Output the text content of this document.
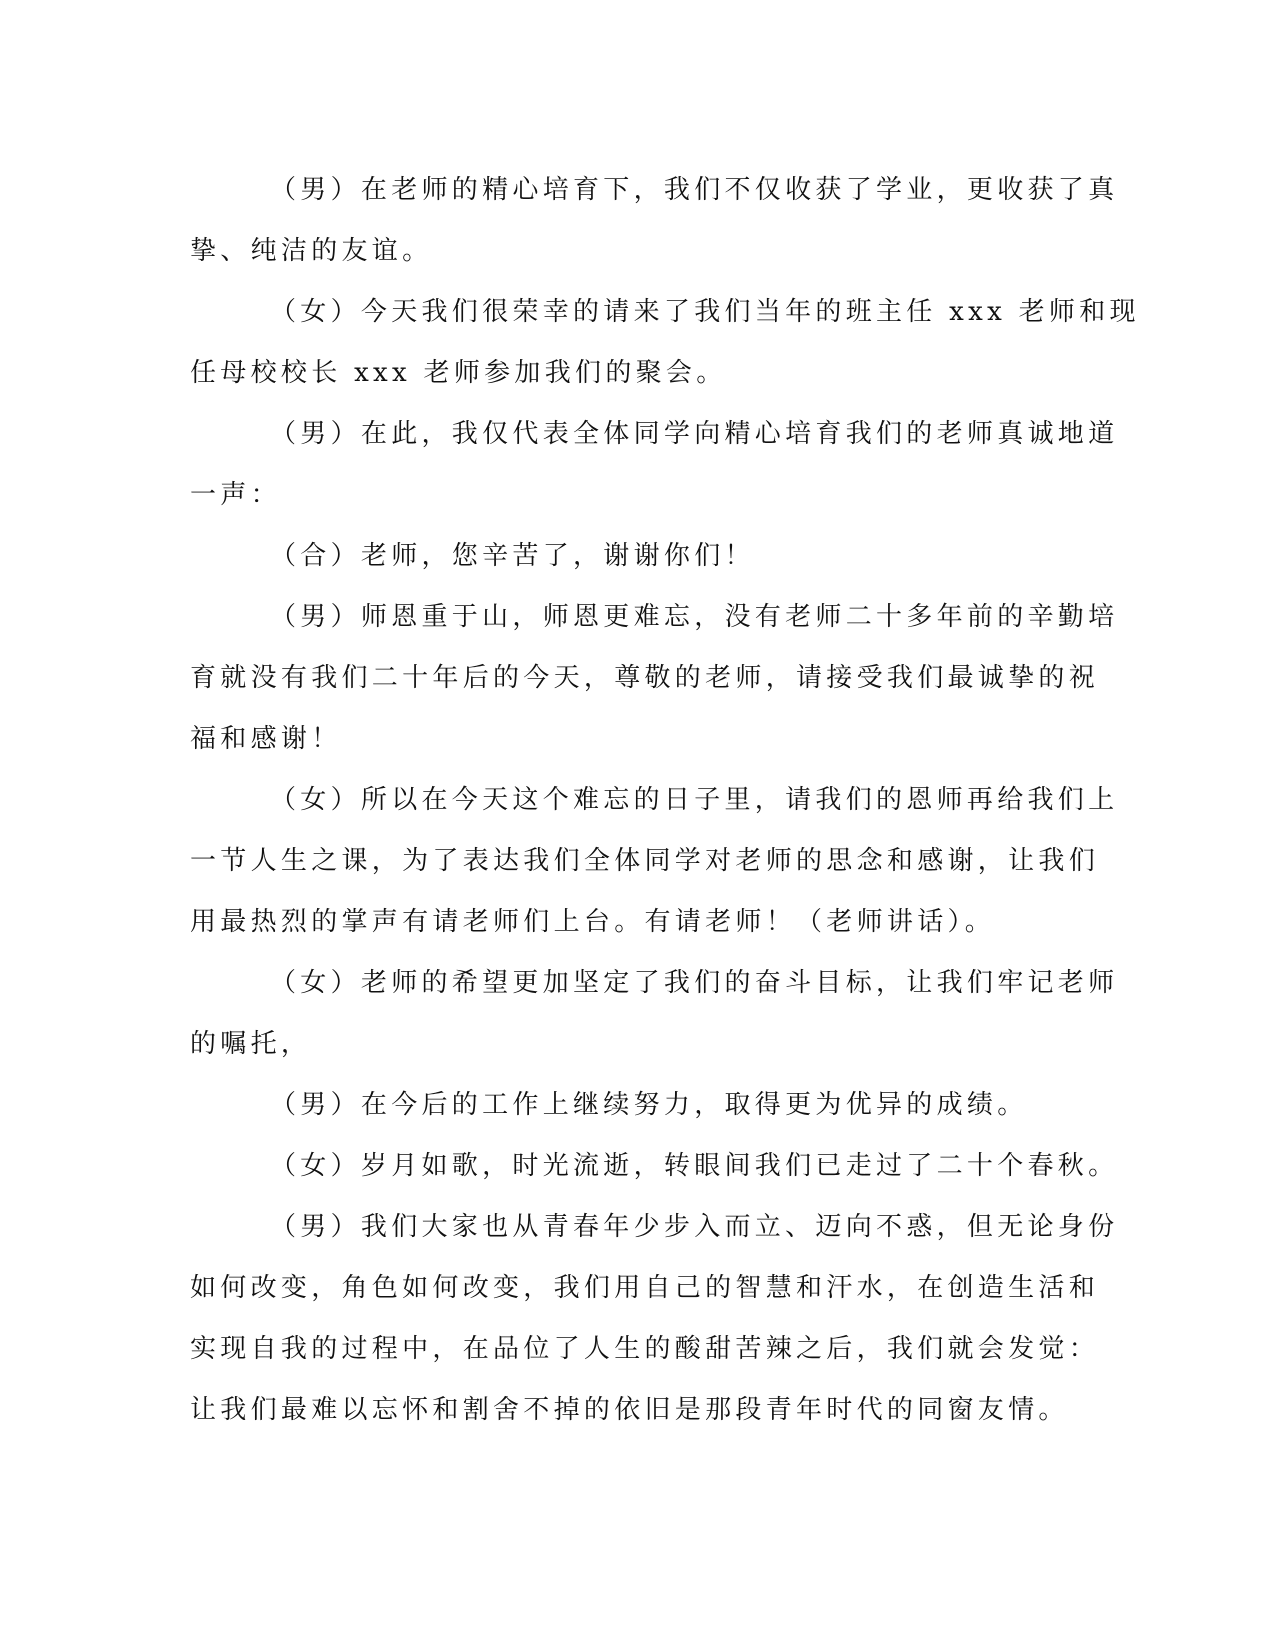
（男）在老师的精心培育下，我们不仅收获了学业，更收获了真
挚、纯洁的友谊。
（女）今天我们很荣幸的请来了我们当年的班主任 xxx 老师和现
任母校校长 xxx 老师参加我们的聚会。
（男）在此，我仅代表全体同学向精心培育我们的老师真诚地道
一声：
（合）老师，您辛苦了，谢谢你们！
（男）师恩重于山，师恩更难忘，没有老师二十多年前的辛勤培
育就没有我们二十年后的今天，尊敬的老师，请接受我们最诚挚的祝
福和感谢！
（女）所以在今天这个难忘的日子里，请我们的恩师再给我们上
一节人生之课，为了表达我们全体同学对老师的思念和感谢，让我们
用最热烈的掌声有请老师们上台。有请老师！（老师讲话）。
（女）老师的希望更加坚定了我们的奋斗目标，让我们牢记老师
的嘱托，
（男）在今后的工作上继续努力，取得更为优异的成绩。
（女）岁月如歌，时光流逝，转眼间我们已走过了二十个春秋。
（男）我们大家也从青春年少步入而立、迈向不惑，但无论身份
如何改变，角色如何改变，我们用自己的智慧和汗水，在创造生活和
实现自我的过程中，在品位了人生的酸甜苦辣之后，我们就会发觉：
让我们最难以忘怀和割舍不掉的依旧是那段青年时代的同窗友情。
